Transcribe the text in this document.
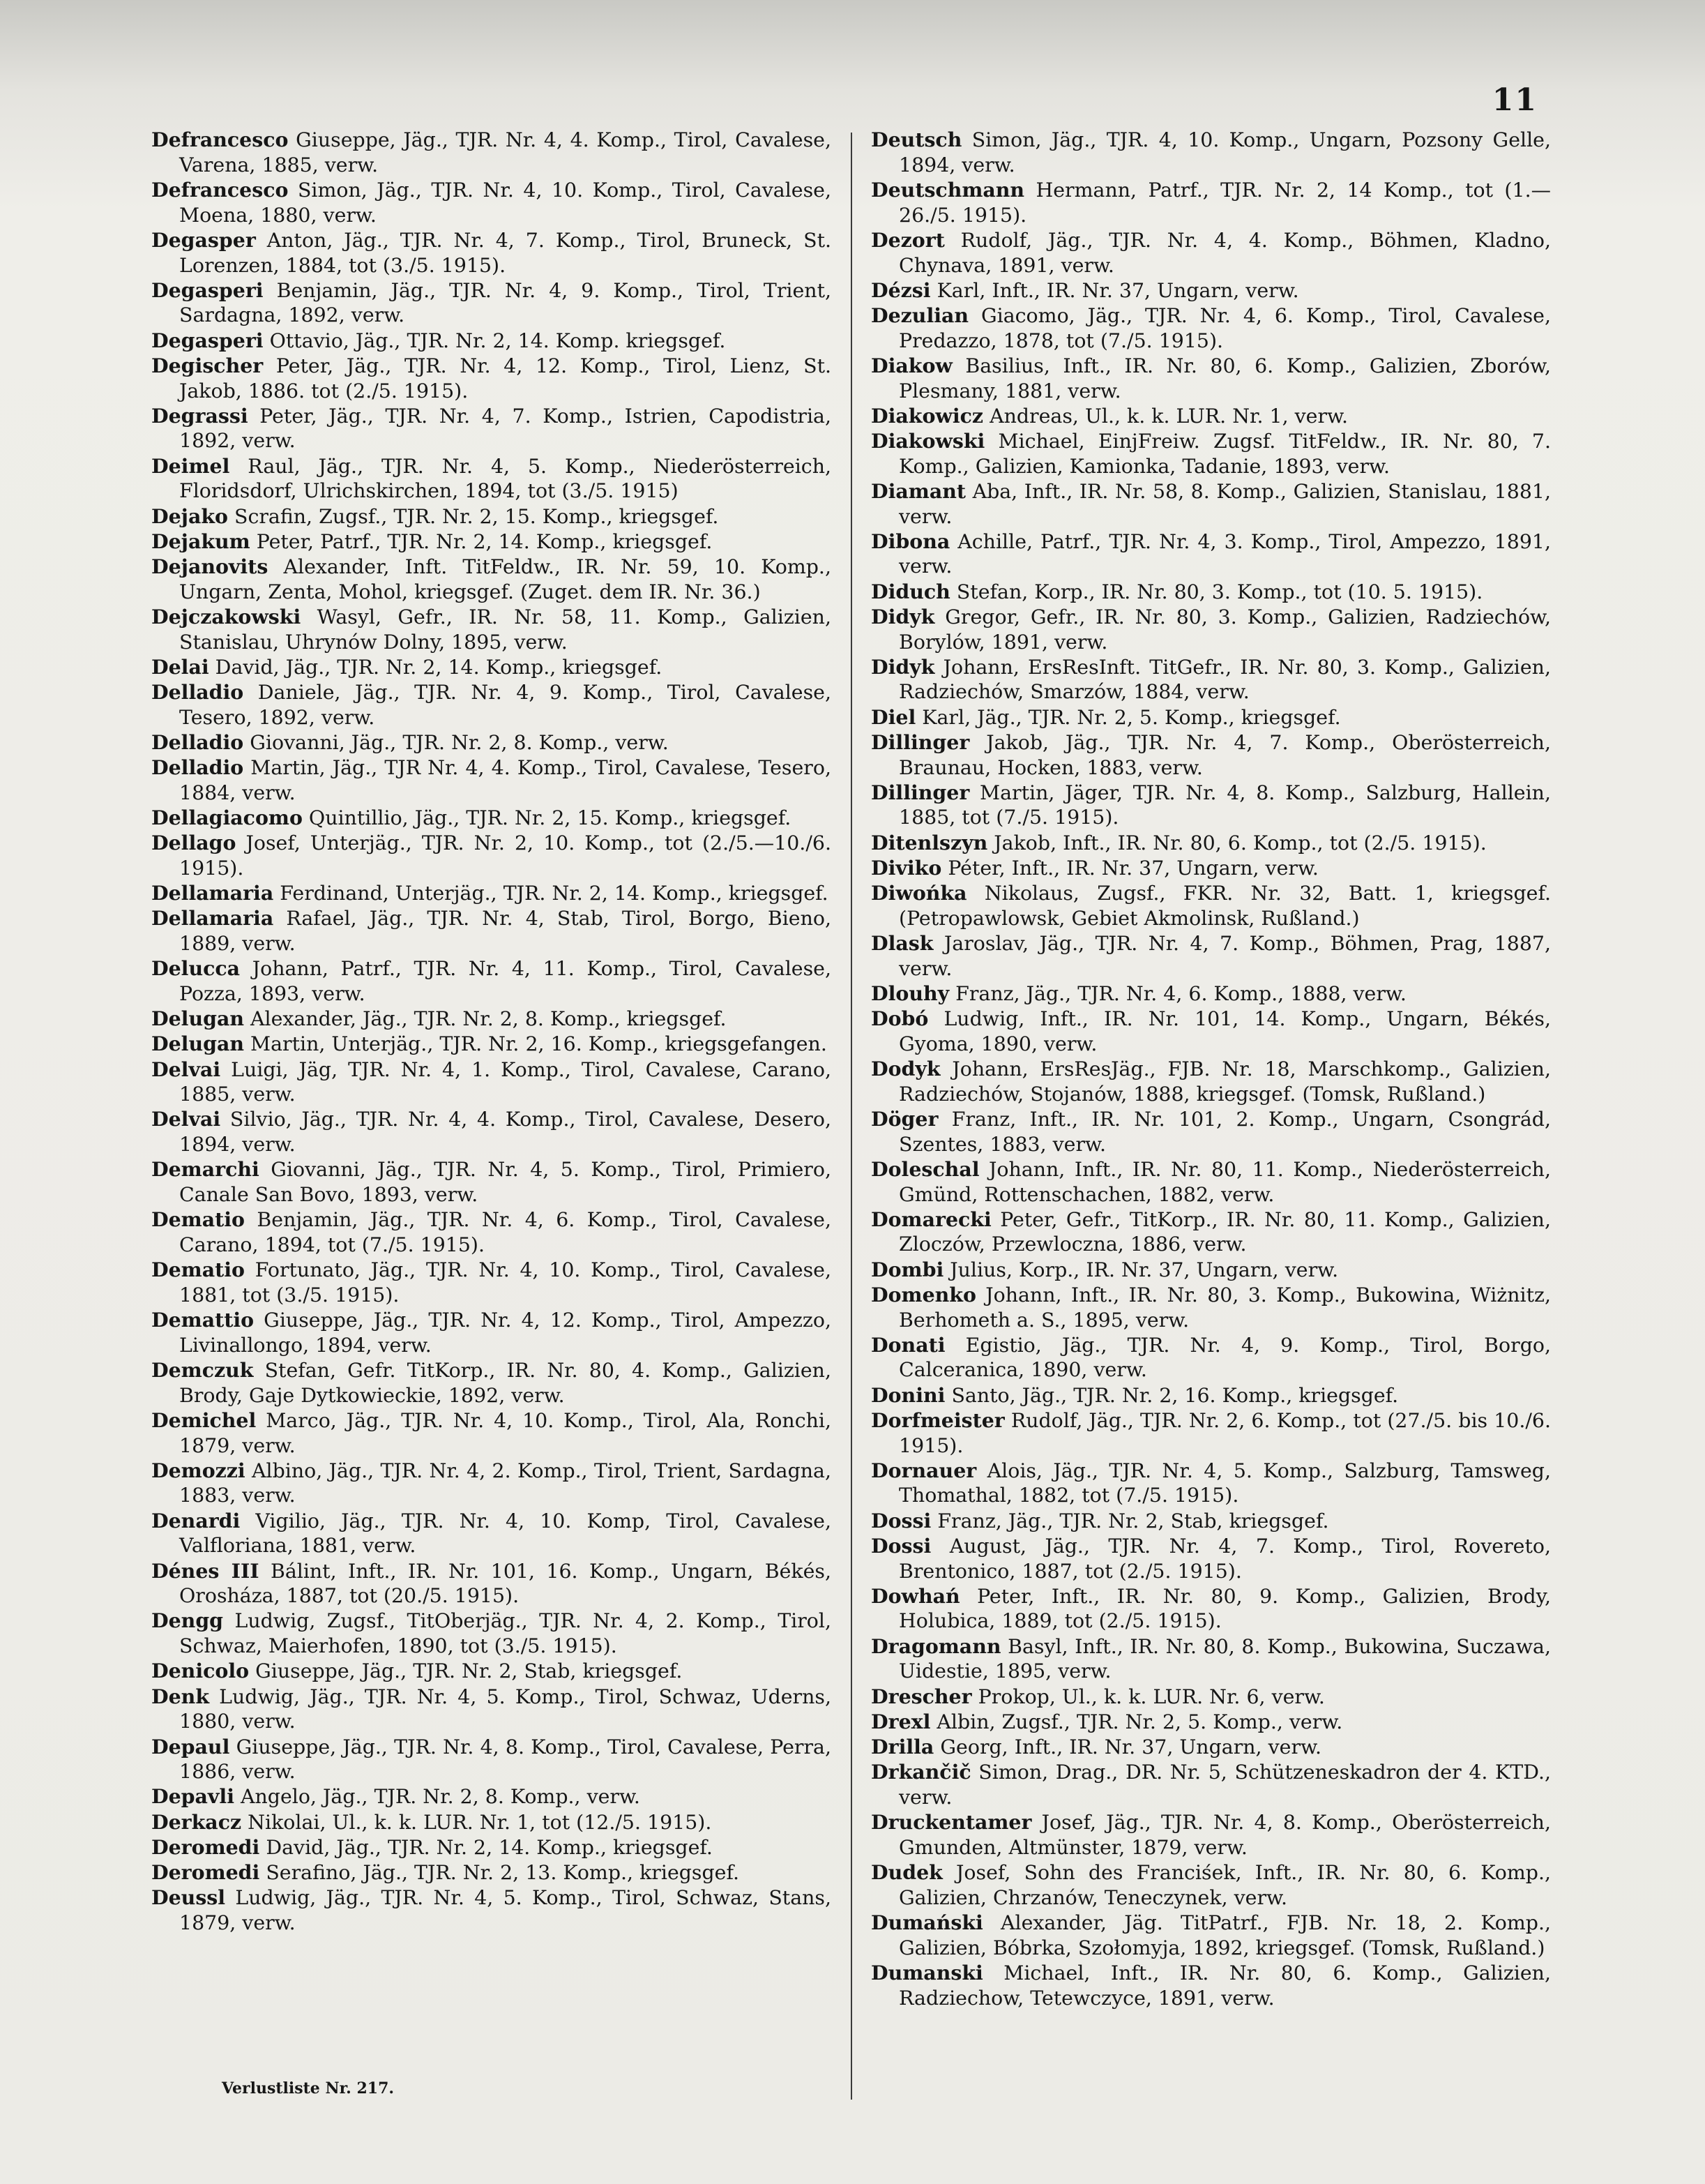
11
Defrancesco Giuseppe, Jäg., TJR. Nr. 4, 4. Komp., Tirol, Cavalese, Varena, 1885, verw.
Defrancesco Simon, Jäg., TJR. Nr. 4, 10. Komp., Tirol, Cavalese, Moena, 1880, verw.
Degasper Anton, Jäg., TJR. Nr. 4, 7. Komp., Tirol, Bruneck, St. Lorenzen, 1884, tot (3./5. 1915).
Degasperi Benjamin, Jäg., TJR. Nr. 4, 9. Komp., Tirol, Trient, Sardagna, 1892, verw.
Degasperi Ottavio, Jäg., TJR. Nr. 2, 14. Komp. kriegsgef.
Degischer Peter, Jäg., TJR. Nr. 4, 12. Komp., Tirol, Lienz, St. Jakob, 1886. tot (2./5. 1915).
Degrassi Peter, Jäg., TJR. Nr. 4, 7. Komp., Istrien, Capodistria, 1892, verw.
Deimel Raul, Jäg., TJR. Nr. 4, 5. Komp., Niederösterreich, Floridsdorf, Ulrichskirchen, 1894, tot (3./5. 1915)
Dejako Scrafin, Zugsf., TJR. Nr. 2, 15. Komp., kriegsgef.
Dejakum Peter, Patrf., TJR. Nr. 2, 14. Komp., kriegsgef.
Dejanovits Alexander, Inft. TitFeldw., IR. Nr. 59, 10. Komp., Ungarn, Zenta, Mohol, kriegsgef. (Zuget. dem IR. Nr. 36.)
Dejczakowski Wasyl, Gefr., IR. Nr. 58, 11. Komp., Galizien, Stanislau, Uhrynów Dolny, 1895, verw.
Delai David, Jäg., TJR. Nr. 2, 14. Komp., kriegsgef.
Delladio Daniele, Jäg., TJR. Nr. 4, 9. Komp., Tirol, Cavalese, Tesero, 1892, verw.
Delladio Giovanni, Jäg., TJR. Nr. 2, 8. Komp., verw.
Delladio Martin, Jäg., TJR Nr. 4, 4. Komp., Tirol, Cavalese, Tesero, 1884, verw.
Dellagiacomo Quintillio, Jäg., TJR. Nr. 2, 15. Komp., kriegsgef.
Dellago Josef, Unterjäg., TJR. Nr. 2, 10. Komp., tot (2./5.—10./6. 1915).
Dellamaria Ferdinand, Unterjäg., TJR. Nr. 2, 14. Komp., kriegsgef.
Dellamaria Rafael, Jäg., TJR. Nr. 4, Stab, Tirol, Borgo, Bieno, 1889, verw.
Delucca Johann, Patrf., TJR. Nr. 4, 11. Komp., Tirol, Cavalese, Pozza, 1893, verw.
Delugan Alexander, Jäg., TJR. Nr. 2, 8. Komp., kriegsgef.
Delugan Martin, Unterjäg., TJR. Nr. 2, 16. Komp., kriegsgefangen.
Delvai Luigi, Jäg, TJR. Nr. 4, 1. Komp., Tirol, Cavalese, Carano, 1885, verw.
Delvai Silvio, Jäg., TJR. Nr. 4, 4. Komp., Tirol, Cavalese, Desero, 1894, verw.
Demarchi Giovanni, Jäg., TJR. Nr. 4, 5. Komp., Tirol, Primiero, Canale San Bovo, 1893, verw.
Dematio Benjamin, Jäg., TJR. Nr. 4, 6. Komp., Tirol, Cavalese, Carano, 1894, tot (7./5. 1915).
Dematio Fortunato, Jäg., TJR. Nr. 4, 10. Komp., Tirol, Cavalese, 1881, tot (3./5. 1915).
Demattio Giuseppe, Jäg., TJR. Nr. 4, 12. Komp., Tirol, Ampezzo, Livinallongo, 1894, verw.
Demczuk Stefan, Gefr. TitKorp., IR. Nr. 80, 4. Komp., Galizien, Brody, Gaje Dytkowieckie, 1892, verw.
Demichel Marco, Jäg., TJR. Nr. 4, 10. Komp., Tirol, Ala, Ronchi, 1879, verw.
Demozzi Albino, Jäg., TJR. Nr. 4, 2. Komp., Tirol, Trient, Sardagna, 1883, verw.
Denardi Vigilio, Jäg., TJR. Nr. 4, 10. Komp, Tirol, Cavalese, Valfloriana, 1881, verw.
Dénes III Bálint, Inft., IR. Nr. 101, 16. Komp., Ungarn, Békés, Orosháza, 1887, tot (20./5. 1915).
Dengg Ludwig, Zugsf., TitOberjäg., TJR. Nr. 4, 2. Komp., Tirol, Schwaz, Maierhofen, 1890, tot (3./5. 1915).
Denicolo Giuseppe, Jäg., TJR. Nr. 2, Stab, kriegsgef.
Denk Ludwig, Jäg., TJR. Nr. 4, 5. Komp., Tirol, Schwaz, Uderns, 1880, verw.
Depaul Giuseppe, Jäg., TJR. Nr. 4, 8. Komp., Tirol, Cavalese, Perra, 1886, verw.
Depavli Angelo, Jäg., TJR. Nr. 2, 8. Komp., verw.
Derkacz Nikolai, Ul., k. k. LUR. Nr. 1, tot (12./5. 1915).
Deromedi David, Jäg., TJR. Nr. 2, 14. Komp., kriegsgef.
Deromedi Serafino, Jäg., TJR. Nr. 2, 13. Komp., kriegsgef.
Deussl Ludwig, Jäg., TJR. Nr. 4, 5. Komp., Tirol, Schwaz, Stans, 1879, verw.
Deutsch Simon, Jäg., TJR. 4, 10. Komp., Ungarn, Pozsony Gelle, 1894, verw.
Deutschmann Hermann, Patrf., TJR. Nr. 2, 14 Komp., tot (1.—26./5. 1915).
Dezort Rudolf, Jäg., TJR. Nr. 4, 4. Komp., Böhmen, Kladno, Chynava, 1891, verw.
Dézsi Karl, Inft., IR. Nr. 37, Ungarn, verw.
Dezulian Giacomo, Jäg., TJR. Nr. 4, 6. Komp., Tirol, Cavalese, Predazzo, 1878, tot (7./5. 1915).
Diakow Basilius, Inft., IR. Nr. 80, 6. Komp., Galizien, Zborów, Plesmany, 1881, verw.
Diakowicz Andreas, Ul., k. k. LUR. Nr. 1, verw.
Diakowski Michael, EinjFreiw. Zugsf. TitFeldw., IR. Nr. 80, 7. Komp., Galizien, Kamionka, Tadanie, 1893, verw.
Diamant Aba, Inft., IR. Nr. 58, 8. Komp., Galizien, Stanislau, 1881, verw.
Dibona Achille, Patrf., TJR. Nr. 4, 3. Komp., Tirol, Ampezzo, 1891, verw.
Diduch Stefan, Korp., IR. Nr. 80, 3. Komp., tot (10. 5. 1915).
Didyk Gregor, Gefr., IR. Nr. 80, 3. Komp., Galizien, Radziechów, Borylów, 1891, verw.
Didyk Johann, ErsResInft. TitGefr., IR. Nr. 80, 3. Komp., Galizien, Radziechów, Smarzów, 1884, verw.
Diel Karl, Jäg., TJR. Nr. 2, 5. Komp., kriegsgef.
Dillinger Jakob, Jäg., TJR. Nr. 4, 7. Komp., Oberösterreich, Braunau, Hocken, 1883, verw.
Dillinger Martin, Jäger, TJR. Nr. 4, 8. Komp., Salzburg, Hallein, 1885, tot (7./5. 1915).
Ditenlszyn Jakob, Inft., IR. Nr. 80, 6. Komp., tot (2./5. 1915).
Diviko Péter, Inft., IR. Nr. 37, Ungarn, verw.
Diwońka Nikolaus, Zugsf., FKR. Nr. 32, Batt. 1, kriegsgef. (Petropawlowsk, Gebiet Akmolinsk, Rußland.)
Dlask Jaroslav, Jäg., TJR. Nr. 4, 7. Komp., Böhmen, Prag, 1887, verw.
Dlouhy Franz, Jäg., TJR. Nr. 4, 6. Komp., 1888, verw.
Dobó Ludwig, Inft., IR. Nr. 101, 14. Komp., Ungarn, Békés, Gyoma, 1890, verw.
Dodyk Johann, ErsResJäg., FJB. Nr. 18, Marschkomp., Galizien, Radziechów, Stojanów, 1888, kriegsgef. (Tomsk, Rußland.)
Döger Franz, Inft., IR. Nr. 101, 2. Komp., Ungarn, Csongrád, Szentes, 1883, verw.
Doleschal Johann, Inft., IR. Nr. 80, 11. Komp., Niederösterreich, Gmünd, Rottenschachen, 1882, verw.
Domarecki Peter, Gefr., TitKorp., IR. Nr. 80, 11. Komp., Galizien, Zloczów, Przewloczna, 1886, verw.
Dombi Julius, Korp., IR. Nr. 37, Ungarn, verw.
Domenko Johann, Inft., IR. Nr. 80, 3. Komp., Bukowina, Wiżnitz, Berhometh a. S., 1895, verw.
Donati Egistio, Jäg., TJR. Nr. 4, 9. Komp., Tirol, Borgo, Calceranica, 1890, verw.
Donini Santo, Jäg., TJR. Nr. 2, 16. Komp., kriegsgef.
Dorfmeister Rudolf, Jäg., TJR. Nr. 2, 6. Komp., tot (27./5. bis 10./6. 1915).
Dornauer Alois, Jäg., TJR. Nr. 4, 5. Komp., Salzburg, Tamsweg, Thomathal, 1882, tot (7./5. 1915).
Dossi Franz, Jäg., TJR. Nr. 2, Stab, kriegsgef.
Dossi August, Jäg., TJR. Nr. 4, 7. Komp., Tirol, Rovereto, Brentonico, 1887, tot (2./5. 1915).
Dowhań Peter, Inft., IR. Nr. 80, 9. Komp., Galizien, Brody, Holubica, 1889, tot (2./5. 1915).
Dragomann Basyl, Inft., IR. Nr. 80, 8. Komp., Bukowina, Suczawa, Uidestie, 1895, verw.
Drescher Prokop, Ul., k. k. LUR. Nr. 6, verw.
Drexl Albin, Zugsf., TJR. Nr. 2, 5. Komp., verw.
Drilla Georg, Inft., IR. Nr. 37, Ungarn, verw.
Drkančič Simon, Drag., DR. Nr. 5, Schützeneskadron der 4. KTD., verw.
Druckentamer Josef, Jäg., TJR. Nr. 4, 8. Komp., Oberösterreich, Gmunden, Altmünster, 1879, verw.
Dudek Josef, Sohn des Franciśek, Inft., IR. Nr. 80, 6. Komp., Galizien, Chrzanów, Teneczynek, verw.
Dumański Alexander, Jäg. TitPatrf., FJB. Nr. 18, 2. Komp., Galizien, Bóbrka, Szołomyja, 1892, kriegsgef. (Tomsk, Rußland.)
Dumanski Michael, Inft., IR. Nr. 80, 6. Komp., Galizien, Radziechow, Tetewczyce, 1891, verw.
Verlustliste Nr. 217.
